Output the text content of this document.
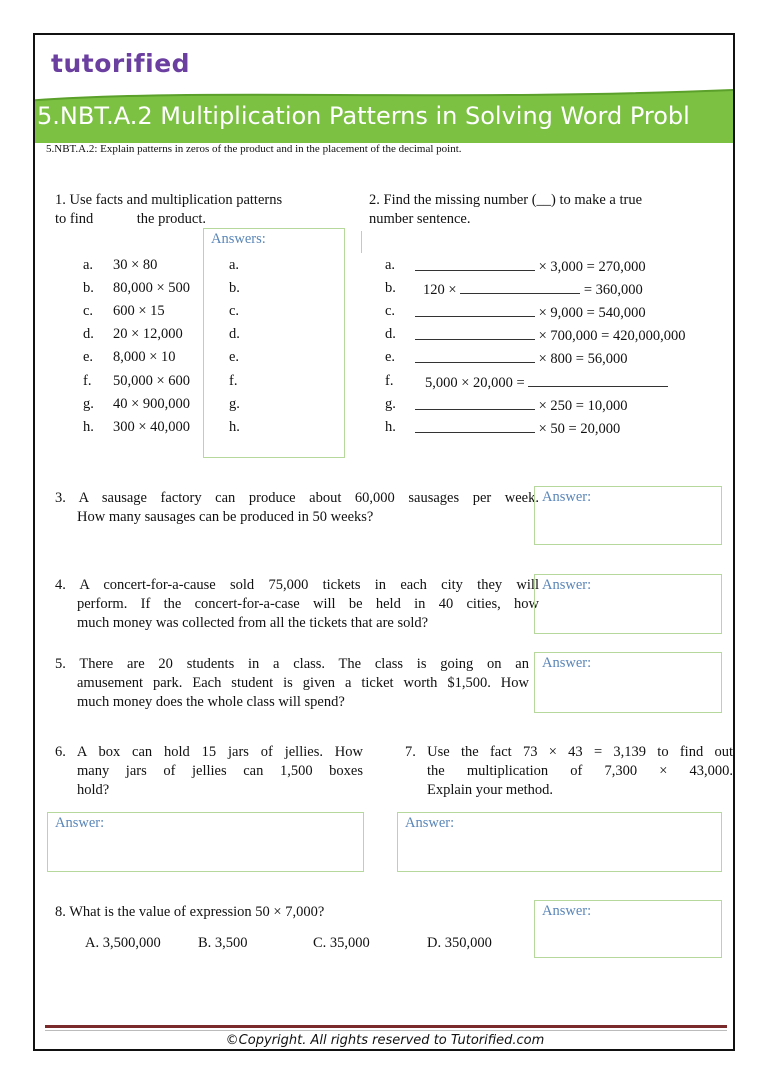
tutorified
5.NBT.A.2 Multiplication Patterns in Solving Word Probl
5.NBT.A.2: Explain patterns in zeros of the product and in the placement of the decimal point.
1. Use facts and multiplication patterns
to find            the product.
Answers:
a. 30 × 80	a.
b. 80,000 × 500	b.
c. 600 × 15	c.
d. 20 × 12,000	d.
e. 8,000 × 10	e.
f. 50,000 × 600	f.
g. 40 × 900,000	g.
h. 300 × 40,000	h.
2. Find the missing number (__) to make a true
number sentence.
a.	× 3,000 = 270,000
b. 120 ×	= 360,000
c.	× 9,000 = 540,000
d.	× 700,000 = 420,000,000
e.	× 800 = 56,000
f. 5,000 × 20,000 =
g.	× 250 = 10,000
h.	× 50 = 20,000
3. A sausage factory can produce about 60,000 sausages per week.
How many sausages can be produced in 50 weeks?
Answer:
4. A concert-for-a-cause sold 75,000 tickets in each city they will
perform. If the concert-for-a-case will be held in 40 cities, how
much money was collected from all the tickets that are sold?
Answer:
5. There are 20 students in a class. The class is going on an
amusement park. Each student is given a ticket worth $1,500. How
much money does the whole class will spend?
Answer:
6. A box can hold 15 jars of jellies. How
many jars of jellies can 1,500 boxes
hold?
Answer:
7. Use the fact 73 × 43 = 3,139 to find out
the multiplication of 7,300 × 43,000.
Explain your method.
Answer:
8. What is the value of expression 50 × 7,000?
A. 3,500,000	B. 3,500	C. 35,000	D. 350,000
Answer:
©Copyright. All rights reserved to Tutorified.com
